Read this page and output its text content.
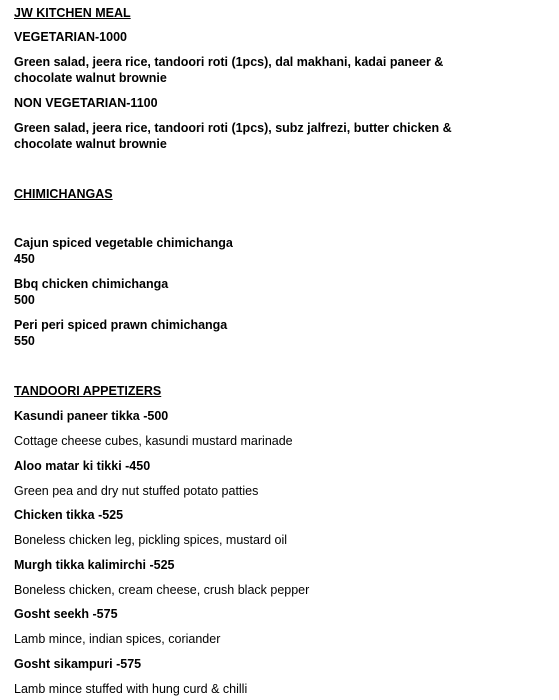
JW KITCHEN MEAL
VEGETARIAN-1000
Green salad, jeera rice, tandoori roti (1pcs), dal makhani, kadai paneer &
chocolate walnut brownie
NON VEGETARIAN-1100
Green salad, jeera rice, tandoori roti (1pcs), subz jalfrezi, butter chicken &
chocolate walnut brownie
CHIMICHANGAS
Cajun spiced vegetable chimichanga
450
Bbq chicken chimichanga
500
Peri peri spiced prawn chimichanga
550
TANDOORI APPETIZERS
Kasundi paneer tikka -500
Cottage cheese cubes, kasundi mustard marinade
Aloo matar ki tikki -450
Green pea and dry nut stuffed potato patties
Chicken tikka -525
Boneless chicken leg, pickling spices, mustard oil
Murgh tikka kalimirchi -525
Boneless chicken, cream cheese, crush black pepper
Gosht seekh -575
Lamb mince, indian spices, coriander
Gosht sikampuri -575
Lamb mince stuffed with hung curd & chilli
